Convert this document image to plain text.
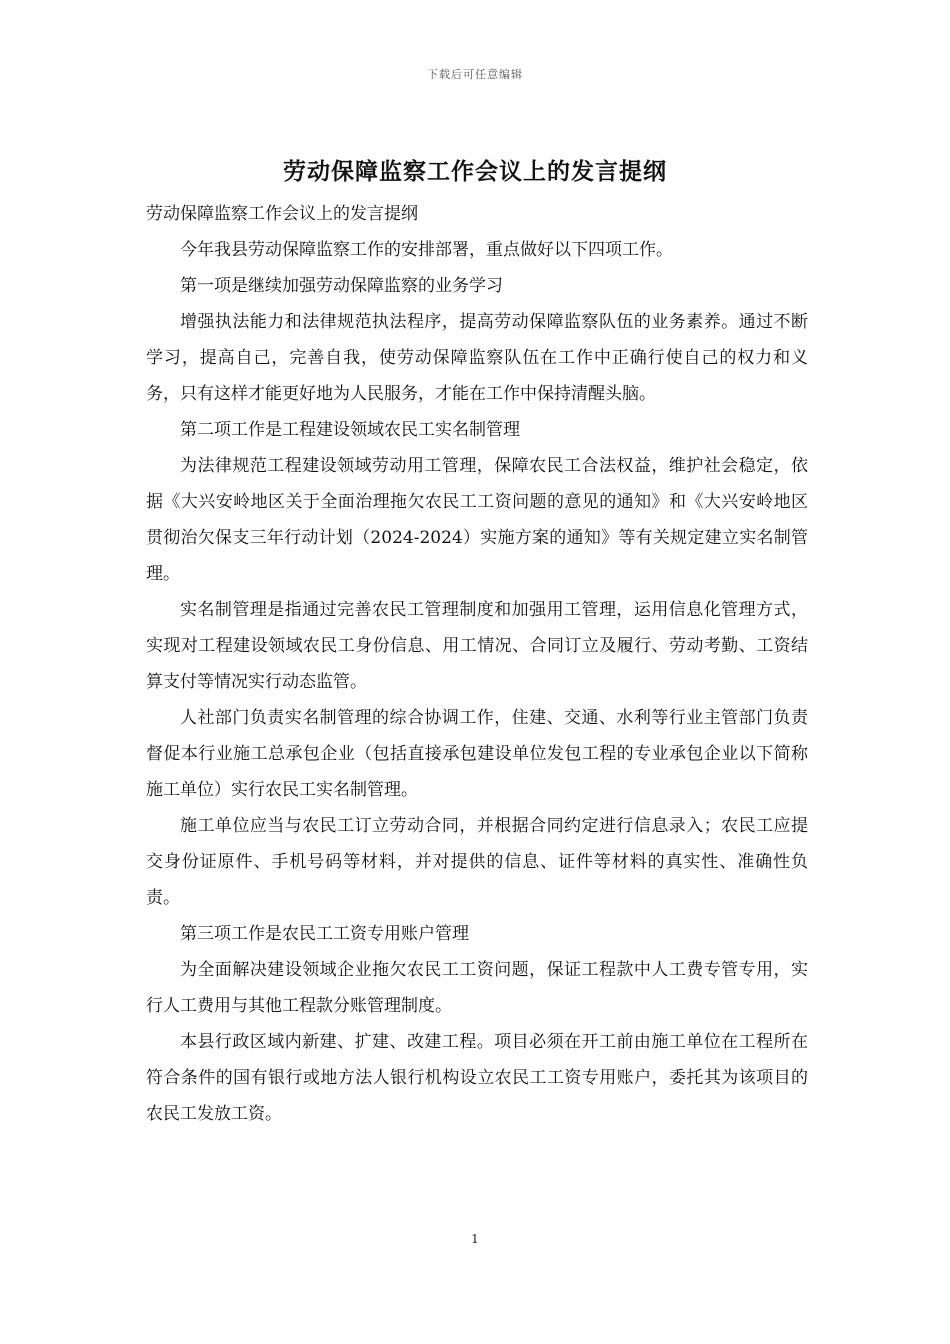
下载后可任意编辑
劳动保障监察工作会议上的发言提纲

劳动保障监察工作会议上的发言提纲

今年我县劳动保障监察工作的安排部署，重点做好以下四项工作。

第一项是继续加强劳动保障监察的业务学习

增强执法能力和法律规范执法程序，提高劳动保障监察队伍的业务素养。通过不断学习，提高自己，完善自我，使劳动保障监察队伍在工作中正确行使自己的权力和义务，只有这样才能更好地为人民服务，才能在工作中保持清醒头脑。

第二项工作是工程建设领域农民工实名制管理

为法律规范工程建设领域劳动用工管理，保障农民工合法权益，维护社会稳定，依据《大兴安岭地区关于全面治理拖欠农民工工资问题的意见的通知》和《大兴安岭地区贯彻治欠保支三年行动计划（2024-2024）实施方案的通知》等有关规定建立实名制管理。

实名制管理是指通过完善农民工管理制度和加强用工管理，运用信息化管理方式，实现对工程建设领域农民工身份信息、用工情况、合同订立及履行、劳动考勤、工资结算支付等情况实行动态监管。

人社部门负责实名制管理的综合协调工作，住建、交通、水利等行业主管部门负责督促本行业施工总承包企业（包括直接承包建设单位发包工程的专业承包企业以下简称施工单位）实行农民工实名制管理。

施工单位应当与农民工订立劳动合同，并根据合同约定进行信息录入；农民工应提交身份证原件、手机号码等材料，并对提供的信息、证件等材料的真实性、准确性负责。

第三项工作是农民工工资专用账户管理

为全面解决建设领域企业拖欠农民工工资问题，保证工程款中人工费专管专用，实行人工费用与其他工程款分账管理制度。

本县行政区域内新建、扩建、改建工程。项目必须在开工前由施工单位在工程所在符合条件的国有银行或地方法人银行机构设立农民工工资专用账户，委托其为该项目的农民工发放工资。

1
